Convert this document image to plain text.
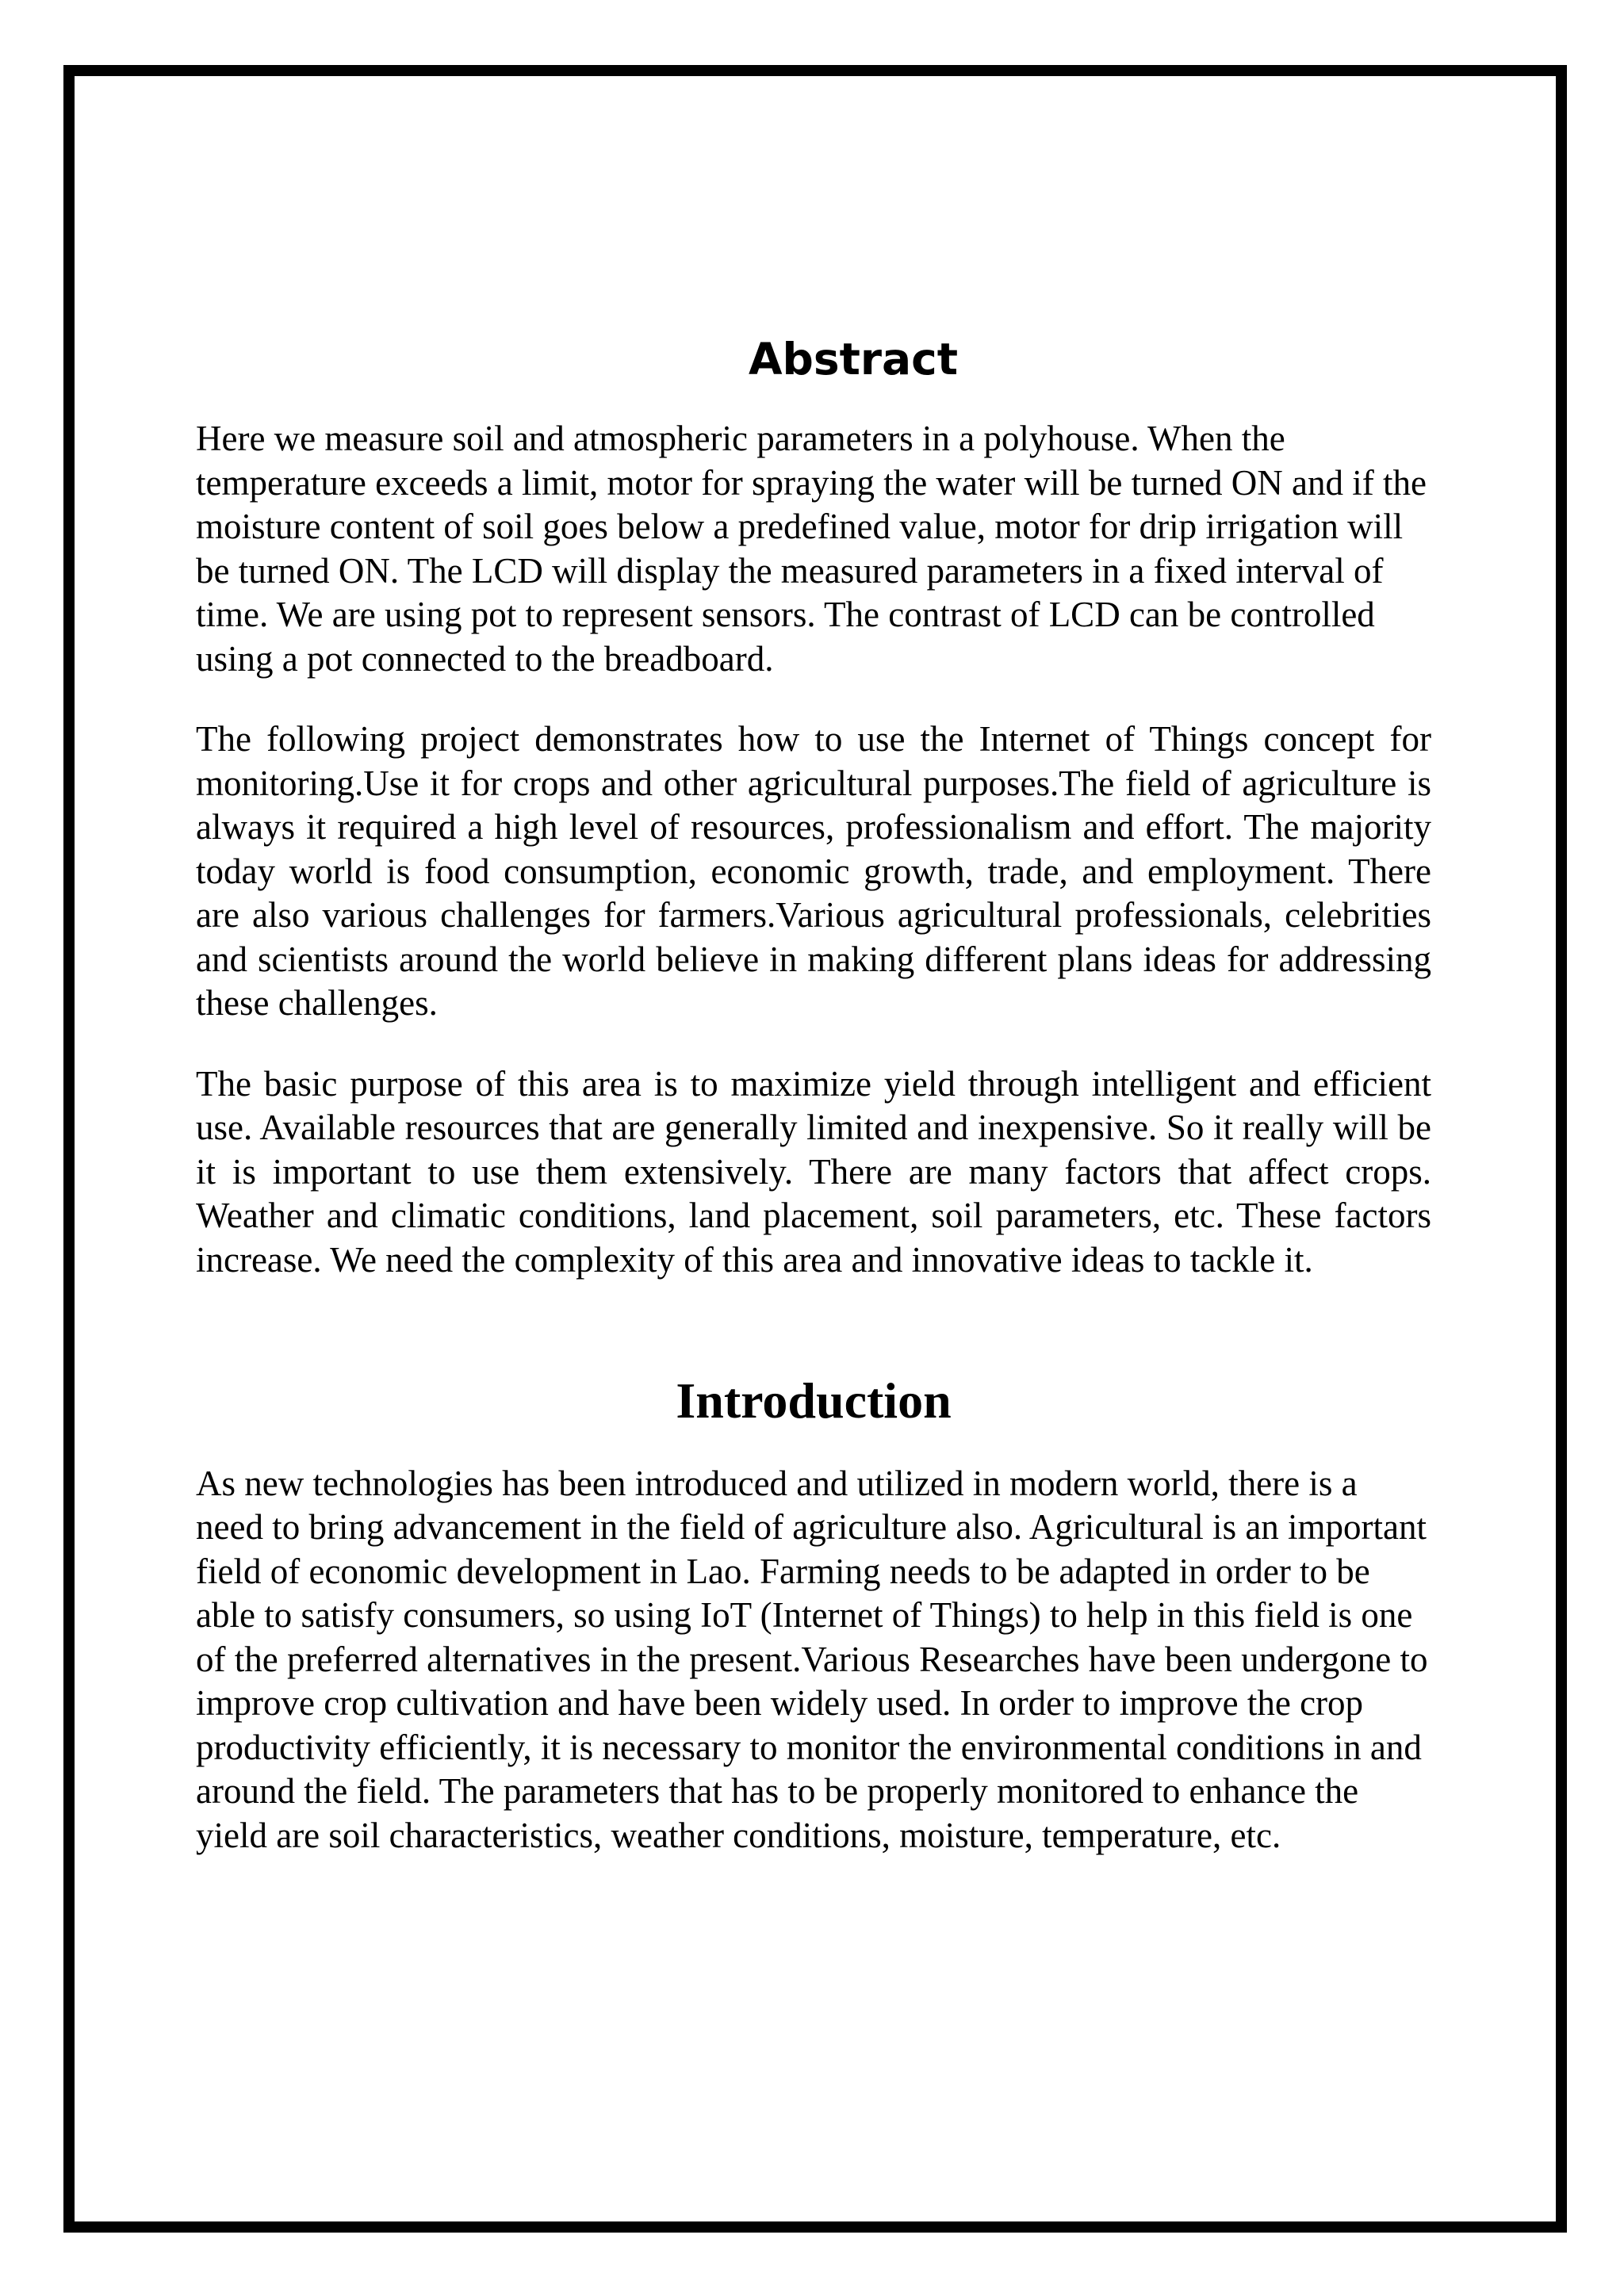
Abstract

Here we measure soil and atmospheric parameters in a polyhouse. When the temperature exceeds a limit, motor for spraying the water will be turned ON and if the moisture content of soil goes below a predefined value, motor for drip irrigation will be turned ON. The LCD will display the measured parameters in a fixed interval of time. We are using pot to represent sensors. The contrast of LCD can be controlled using a pot connected to the breadboard.

The following project demonstrates how to use the Internet of Things concept for monitoring.Use it for crops and other agricultural purposes.The field of agriculture is always it required a high level of resources, professionalism and effort. The majority today world is food consumption, economic growth, trade, and employment. There are also various challenges for farmers.Various agricultural professionals, celebrities and scientists around the world believe in making different plans ideas for addressing these challenges.

The basic purpose of this area is to maximize yield through intelligent and efficient use. Available resources that are generally limited and inexpensive. So it really will be it is important to use them extensively. There are many factors that affect crops. Weather and climatic conditions, land placement, soil parameters, etc. These factors increase. We need the complexity of this area and innovative ideas to tackle it.

Introduction

As new technologies has been introduced and utilized in modern world, there is a need to bring advancement in the field of agriculture also. Agricultural is an important field of economic development in Lao. Farming needs to be adapted in order to be able to satisfy consumers, so using IoT (Internet of Things) to help in this field is one of the preferred alternatives in the present.Various Researches have been undergone to improve crop cultivation and have been widely used. In order to improve the crop productivity efficiently, it is necessary to monitor the environmental conditions in and around the field. The parameters that has to be properly monitored to enhance the yield are soil characteristics, weather conditions, moisture, temperature, etc.
